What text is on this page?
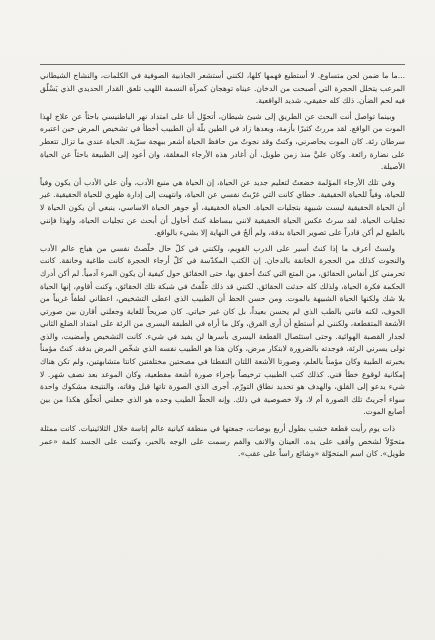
...ما ما ضمن لحن متساوع. لا أستطيع فهمها كلها، لكنني أستشعر الجاذبية الصوفية في الكلمات، والنشاج الشيطاني المرعب يتخلل الحجرة التي أصبحت من الدخان. عيناه توهجان كمرآة النسمة اللهب تلعق القدار الحديدي الذي يَسْلُق فيه لحم الضأن. ذلك كله حقيقي، شديد الواقعية.

وبينما تواصل أنت البحث عن الطريق إلى شيئ شيطان، أتحوّل أنا على امتداد نهر الباطنيسي باحثاً عن علاج لهذا الموت من الواقع. لقد مررتُ كثيرًا بأزمة، وبعدها زاد في الطين بلّة أن الطبيب أخطأ في تشخيص المرض حين اعتبره سرطان رئة. كان الموت يحاصرني، وكنتُ وقد نجوتُ من حافظ الحياة أشعر ببهجة سرّية. الحياة عندي ما تزال تتعطر على نضارة رائعة. وكان عليَّ منذ زمن طويل، أن أغادر هذه الأرجاء المغلقة، وان أعود إلى الطبيعة باحثاً عن الحياة الأصيلة.

وفي تلك الأرجاء المؤلمة خضعتُ لتعليم جديد عن الحياة، إن الحياة هي منبع الأدب، وأن علي الأدب أن يكون وفياً للحياة، وفياً للحياة الحقيقية. خطاي كانت التي غرّبتُ نفسي عن الحياة، وانتهيت إلى إدارة ظهري للحياة الحقيقية. غير أن الحياة الحقيقية ليست شبيهة بتجليات الحياة. الحياة الحقيقية، أو جوهر الحياة الاساسي، ينبغي أن يكون الحياة لا تجليات الحياة. لقد سرتُ عكس الحياة الحقيقية لانني ببساطة كنتُ أحاول أن أبحث عن تجليات الحياة، ولهذا فإنني بالطبع لم أكن قادراً على تصوير الحياة بدقة، ولم ألجُ في النهاية إلا بشيء بالواقع.

ولستُ أعرف ما إذا كنتُ أسير على الدرب القويم، ولكنني في كلّ حال خلّصتُ نفسي من هياج عالم الأدب والنجوت كذلك من الحجرة الخانقة بالدخان. إن الكتب المكدّسة في كلّ أرجاء الحجرة كانت طاغية وخانقة. كانت تحرمني كل أنفاس الحقائق، من المتع التي كنتُ أحقق بها، حتى الحقائق حول كيفية أن يكون المرء آدمياً. لم أكن أدرك الحكمة فكرة الحياة، ولذلك كله حدثت الحقائق. لكنني قد ذلك غلّفتُ في شبكة تلك الحقائق، وكنت أقاوم، إنها الحياة بلا شك ولكنها الحياة الشبيهة بالموت. ومن حسن الحظ أن الطبيب الذي اعطى التشخيص، اعطاني لطفاً غريباً من الخوف، لكنه فاتني بالطب الذي لم يحسن بعيداً، بل كان غير حياتي. كان صريحاً للغاية وجعلني أقارن بين صورتي الأشعة المتقطعة، ولكنني لم أستطع أن أرى الفرق، وكل ما أراه في الطبقة اليسرى من الرئة على امتداد الضلع الثاني لجدار القصبة الهوائية. وحتى استئصال القطعة اليسرى بأسرها لن يفيد في شيء. كانت التشخيص وأمضيت، والذي تولى يسرني الرئة، فوجدته بالضرورة لابتكار مرض، وكان هذا هو الطبيب نفسه الذي شخّص المرض بدقة. كنتُ مؤمناً بخبرته الطبية وكان مؤمناً بالعلم، وصورتا الأشعة اللتان التقطتا في مصحتين مختلفتين كانتا متشابهتين، ولم تكن هناك إمكانية لوقوع خطأ فني. كذلك كتب الطبيب ترخيصاً بإجراء صورة أشعة مقطعية، وكان الموعد بعد نصف شهر. لا شيء يدعو إلى القلق، والهدف هو تحديد نطاق التورّم. أجرى الذي الصورة تاتها قبل وفاته، والنتيجة مشكوك واحدة سواء أجريتُ تلك الصورة أم لا، ولا خصوصية في ذلك. وإنه الحظّ الطيب وحده هو الذي جعلني أتخلّق هكذا من بين أصابع الموت.

ذات يوم رأيت قطعة خشب بطول أربع بوصات، جمعتها في منطقة كيانية عالم إتاسة خلال الثلاثينيات. كانت ممثلة متحوّلاً لشخص وأقف على يده. العينان والانف والفم رسمت على الوجه بالحبر، وكتبت على الجسد كلمة «عمر طويل». كان اسم المتحوّلة «وشائع راساً على عقب».
